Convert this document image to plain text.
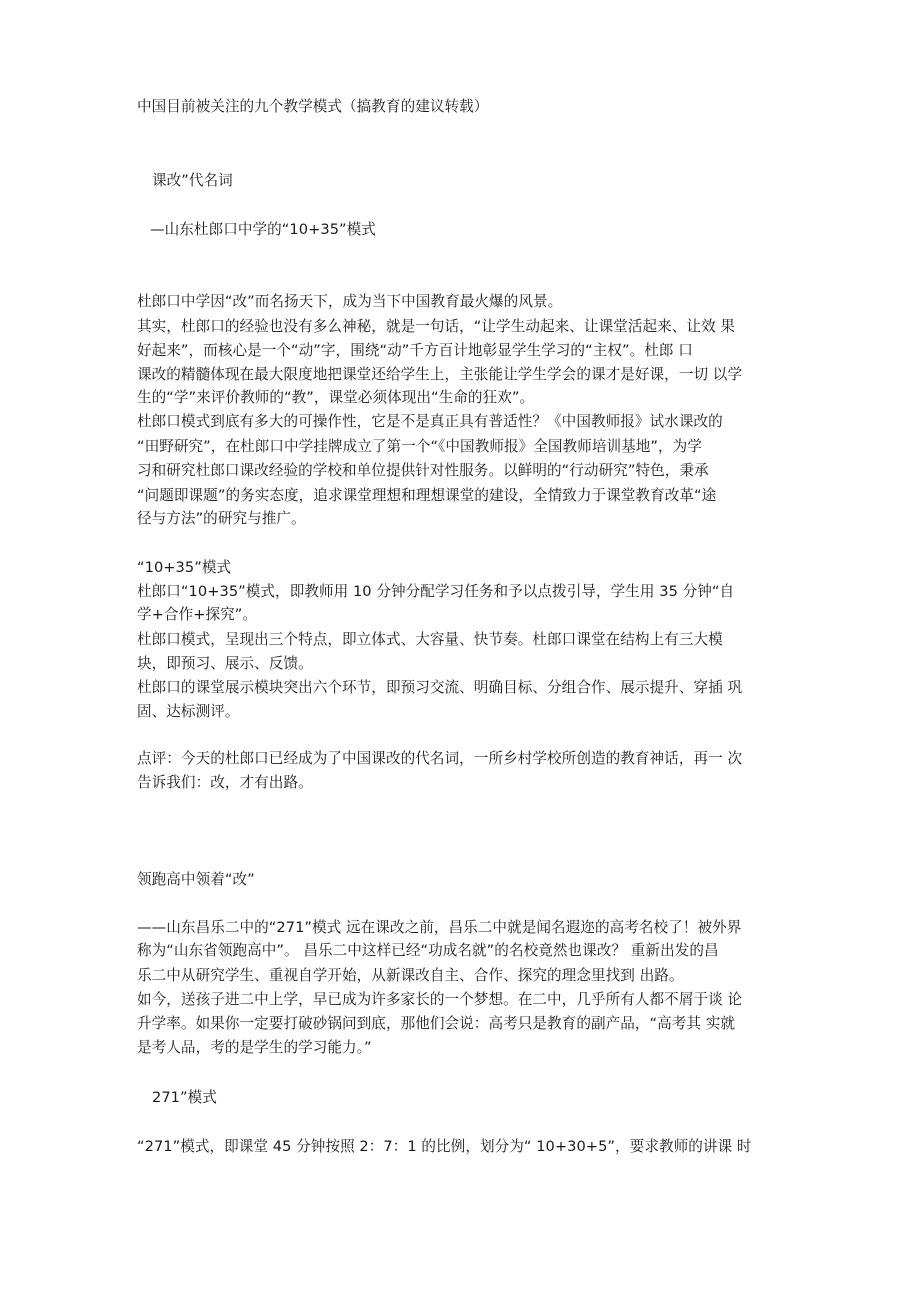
中国目前被关注的九个教学模式（搞教育的建议转载）

课改”代名词

—山东杜郎口中学的“10+35”模式

杜郎口中学因“改”而名扬天下，成为当下中国教育最火爆的风景。

其实，杜郎口的经验也没有多么神秘，就是一句话，“让学生动起来、让课堂活起来、让效 果

好起来”，而核心是一个“动”字，围绕“动”千方百计地彰显学生学习的“主权”。杜郎 口

课改的精髓体现在最大限度地把课堂还给学生上，主张能让学生学会的课才是好课，一切 以学

生的“学”来评价教师的“教”，课堂必须体现出“生命的狂欢”。

杜郎口模式到底有多大的可操作性，它是不是真正具有普适性？《中国教师报》试水课改的

“田野研究”，在杜郎口中学挂牌成立了第一个“《中国教师报》全国教师培训基地”，为学

习和研究杜郎口课改经验的学校和单位提供针对性服务。以鲜明的“行动研究”特色，秉承

“问题即课题”的务实态度，追求课堂理想和理想课堂的建设，全情致力于课堂教育改革“途

径与方法”的研究与推广。

“10+35”模式

杜郎口“10+35”模式，即教师用 10 分钟分配学习任务和予以点拨引导，学生用 35 分钟“自

学+合作+探究”。

杜郎口模式，呈现出三个特点，即立体式、大容量、快节奏。杜郎口课堂在结构上有三大模

块，即预习、展示、反馈。

杜郎口的课堂展示模块突出六个环节，即预习交流、明确目标、分组合作、展示提升、穿插 巩

固、达标测评。

点评：今天的杜郎口已经成为了中国课改的代名词，一所乡村学校所创造的教育神话，再一 次

告诉我们：改，才有出路。

领跑高中领着“改”

——山东昌乐二中的“271”模式 远在课改之前，昌乐二中就是闻名遐迩的高考名校了！被外界

称为“山东省领跑高中”。 昌乐二中这样已经“功成名就”的名校竟然也课改？ 重新出发的昌

乐二中从研究学生、重视自学开始，从新课改自主、合作、探究的理念里找到 出路。

如今，送孩子进二中上学，早已成为许多家长的一个梦想。在二中，几乎所有人都不屑于谈 论

升学率。如果你一定要打破砂锅问到底，那他们会说：高考只是教育的副产品，“高考其 实就

是考人品，考的是学生的学习能力。”

271”模式

“271”模式，即课堂 45 分钟按照 2：7：1 的比例，划分为“ 10+30+5”，要求教师的讲课 时
